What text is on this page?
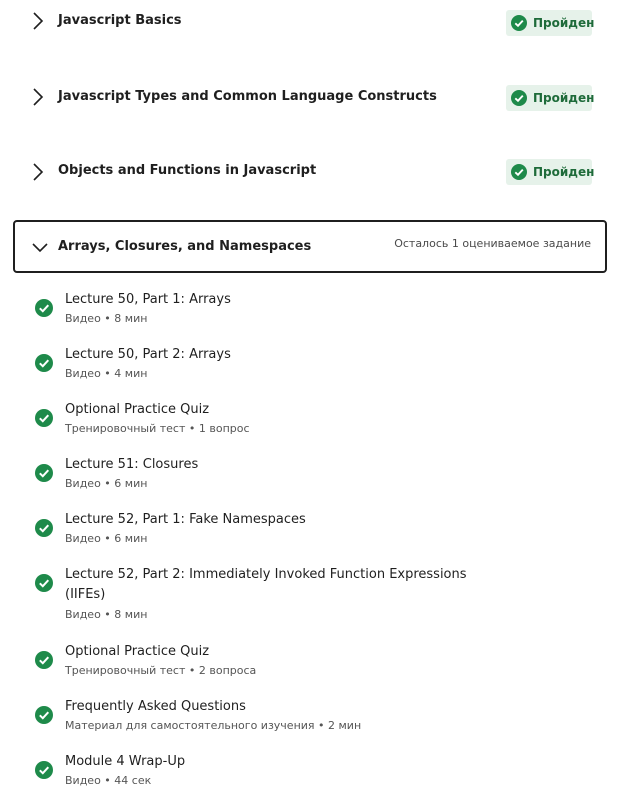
Javascript Basics	Пройден
Javascript Types and Common Language Constructs	Пройден
Objects and Functions in Javascript	Пройден
Arrays, Closures, and Namespaces	Осталось 1 оцениваемое задание
Lecture 50, Part 1: Arrays
Видео • 8 мин
Lecture 50, Part 2: Arrays
Видео • 4 мин
Optional Practice Quiz
Тренировочный тест • 1 вопрос
Lecture 51: Closures
Видео • 6 мин
Lecture 52, Part 1: Fake Namespaces
Видео • 6 мин
Lecture 52, Part 2: Immediately Invoked Function Expressions (IIFEs)
Видео • 8 мин
Optional Practice Quiz
Тренировочный тест • 2 вопроса
Frequently Asked Questions
Материал для самостоятельного изучения • 2 мин
Module 4 Wrap-Up
Видео • 44 сек
